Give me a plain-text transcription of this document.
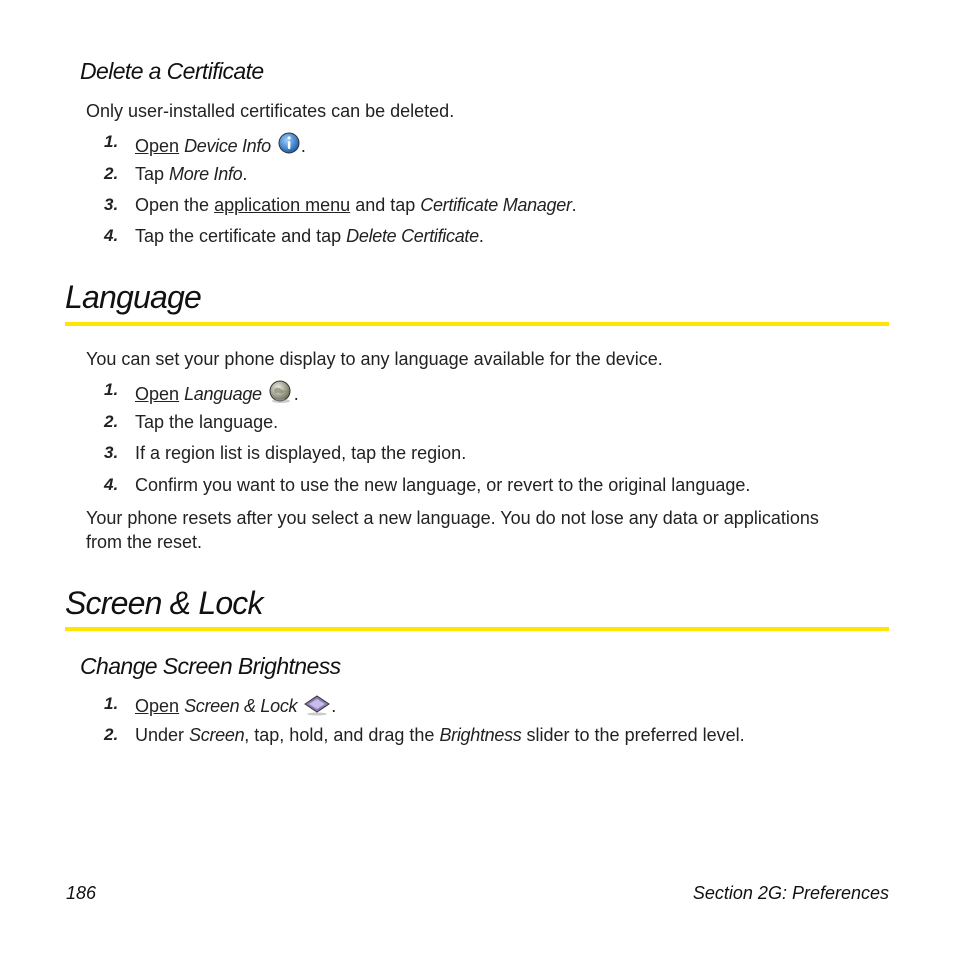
Delete a Certificate
Only user-installed certificates can be deleted.
1. Open Device Info .
2. Tap More Info.
3. Open the application menu and tap Certificate Manager.
4. Tap the certificate and tap Delete Certificate.
Language
You can set your phone display to any language available for the device.
1. Open Language .
2. Tap the language.
3. If a region list is displayed, tap the region.
4. Confirm you want to use the new language, or revert to the original language.
Your phone resets after you select a new language. You do not lose any data or applications
from the reset.
Screen & Lock
Change Screen Brightness
1. Open Screen & Lock .
2. Under Screen, tap, hold, and drag the Brightness slider to the preferred level.
186	Section 2G: Preferences
